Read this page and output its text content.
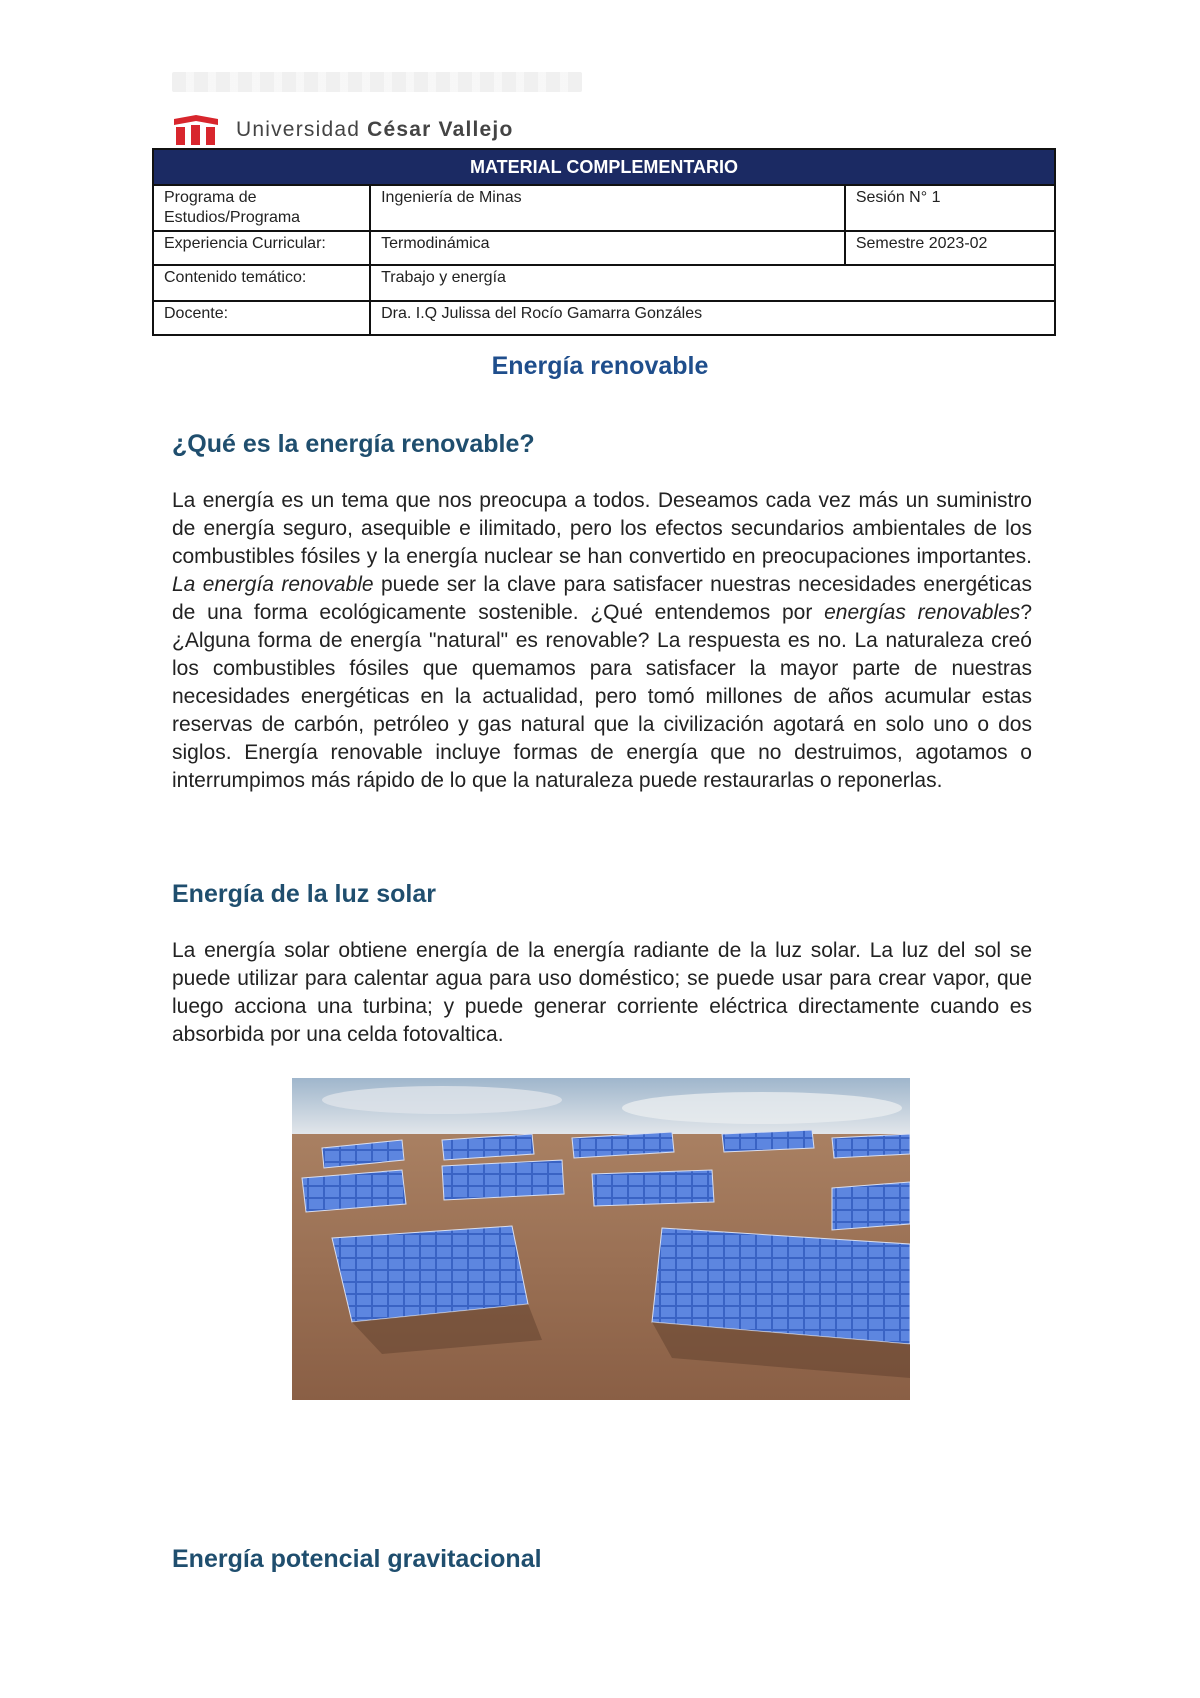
Universidad César Vallejo
MATERIAL COMPLEMENTARIO		
Programa de Estudios/Programa	Ingeniería de Minas	Sesión N° 1
Experiencia Curricular:	Termodinámica	Semestre 2023-02
Contenido temático:	Trabajo y energía	
Docente:	Dra. I.Q Julissa del Rocío Gamarra Gonzáles	
Energía renovable
¿Qué es la energía renovable?

La energía es un tema que nos preocupa a todos. Deseamos cada vez más un suministro de energía seguro, asequible e ilimitado, pero los efectos secundarios ambientales de los combustibles fósiles y la energía nuclear se han convertido en preocupaciones importantes. La energía renovable puede ser la clave para satisfacer nuestras necesidades energéticas de una forma ecológicamente sostenible. ¿Qué entendemos por energías renovables? ¿Alguna forma de energía "natural" es renovable? La respuesta es no. La naturaleza creó los combustibles fósiles que quemamos para satisfacer la mayor parte de nuestras necesidades energéticas en la actualidad, pero tomó millones de años acumular estas reservas de carbón, petróleo y gas natural que la civilización agotará en solo uno o dos siglos. Energía renovable incluye formas de energía que no destruimos, agotamos o interrumpimos más rápido de lo que la naturaleza puede restaurarlas o reponerlas.

Energía de la luz solar

La energía solar obtiene energía de la energía radiante de la luz solar. La luz del sol se puede utilizar para calentar agua para uso doméstico; se puede usar para crear vapor, que luego acciona una turbina; y puede generar corriente eléctrica directamente cuando es absorbida por una celda fotovaltica.

Energía potencial gravitacional
